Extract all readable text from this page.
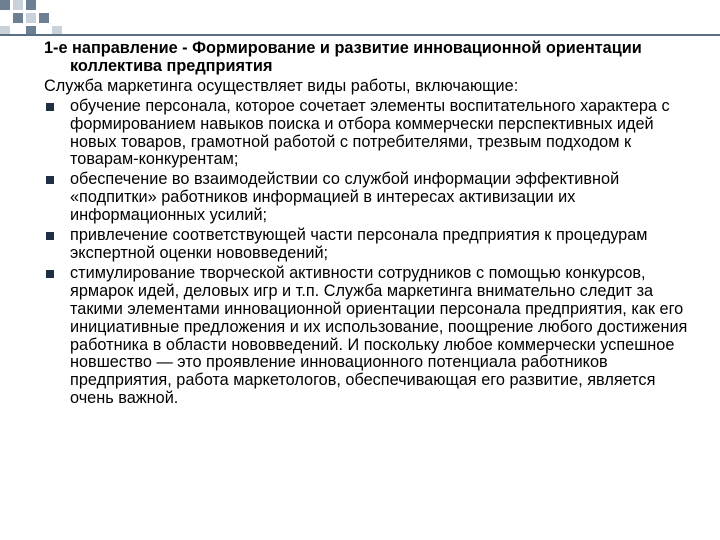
1-е направление - Формирование и развитие инновационной ориентации коллектива предприятия

Служба маркетинга осуществляет виды работы, включающие:

обучение персонала, которое сочетает элементы воспитательного характера с формированием навыков поиска и отбора коммерчески перспективных идей новых товаров, грамотной работой с потребителями, трезвым подходом к товарам-конкурентам;
обеспечение во взаимодействии со службой информации эффективной «подпитки» работников информацией в интересах активизации их информационных усилий;
привлечение соответствующей части персонала предприятия к процедурам экспертной оценки нововведений;
стимулирование творческой активности сотрудников с помощью конкурсов, ярмарок идей, деловых игр и т.п. Служба маркетинга внимательно следит за такими элементами инновационной ориентации персонала предприятия, как его инициативные предложения и их использование, поощрение любого достижения работника в области нововведений. И поскольку любое коммерчески успешное новшество — это проявление инновационного потенциала работников предприятия, работа маркетологов, обеспечивающая его развитие, является очень важной.
